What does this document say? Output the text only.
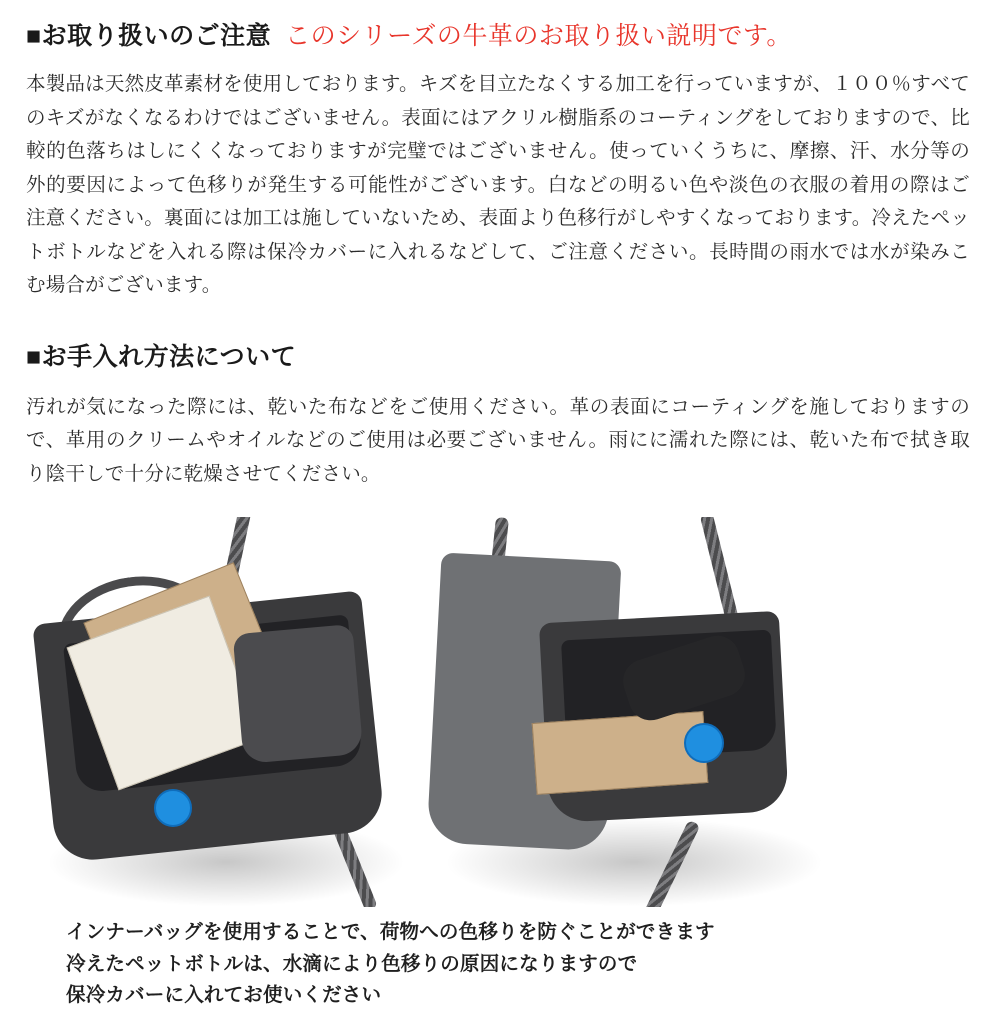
■お取り扱いのご注意 このシリーズの牛革のお取り扱い説明です。
本製品は天然皮革素材を使用しております。キズを目立たなくする加工を行っていますが、１００％すべてのキズがなくなるわけではございません。表面にはアクリル樹脂系のコーティングをしておりますので、比較的色落ちはしにくくなっておりますが完璧ではございません。使っていくうちに、摩擦、汗、水分等の外的要因によって色移りが発生する可能性がございます。白などの明るい色や淡色の衣服の着用の際はご注意ください。裏面には加工は施していないため、表面より色移行がしやすくなっております。冷えたペットボトルなどを入れる際は保冷カバーに入れるなどして、ご注意ください。長時間の雨水では水が染みこむ場合がございます。
■お手入れ方法について
汚れが気になった際には、乾いた布などをご使用ください。革の表面にコーティングを施しておりますので、革用のクリームやオイルなどのご使用は必要ございません。雨にに濡れた際には、乾いた布で拭き取り陰干しで十分に乾燥させてください。
インナーバッグを使用することで、荷物への色移りを防ぐことができます
冷えたペットボトルは、水滴により色移りの原因になりますので
保冷カバーに入れてお使いください
